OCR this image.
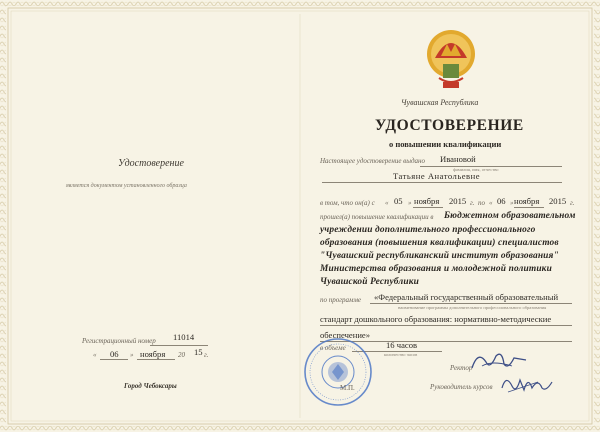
Чувашская Республика
УДОСТОВЕРЕНИЕ
о повышении квалификации
Удостоверение
является документом установленного образца
Регистрационный номер 11014
« 06 » ноября 20 15 г.
Город Чебоксары
Настоящее удостоверение выдано Ивановой
фамилия, имя, отчество
Татьяне Анатольевне
в том, что он(а) с « 05 » ноября 2015 г. по « 06 » ноября 2015 г.
прошел(а) повышение квалификации в Бюджетном образовательном
учреждении дополнительного профессионального
образования (повышения квалификации) специалистов
"Чувашский республиканский институт образования"
Министерства образования и молодежной политики
Чувашской Республики
по программе «Федеральный государственный образовательный
наименование программы дополнительного профессионального образования
стандарт дошкольного образования: нормативно-методические
обеспечение»
в объеме	16 часов
количество часов
Ректор
М.П.	Руководитель курсов
